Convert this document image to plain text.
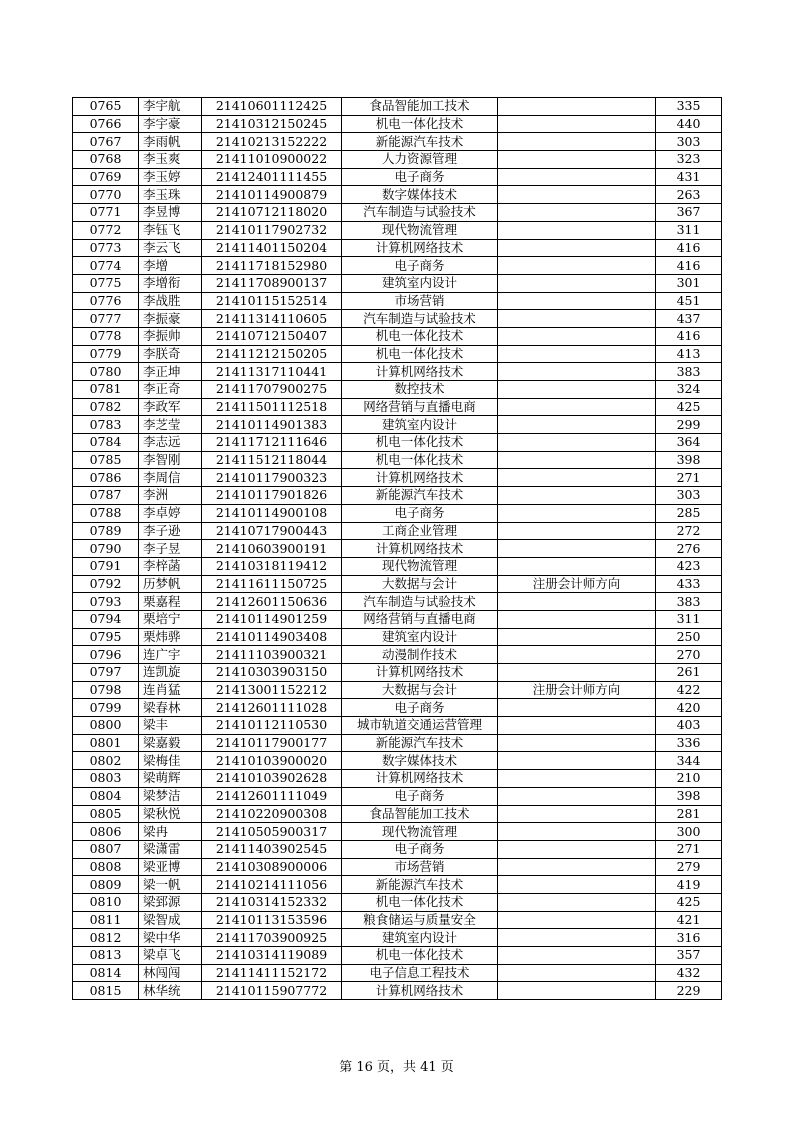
0765	李宇航	21410601112425	食品智能加工技术		335
0766	李宇豪	21410312150245	机电一体化技术		440
0767	李雨帆	21410213152222	新能源汽车技术		303
0768	李玉爽	21411010900022	人力资源管理		323
0769	李玉婷	21412401111455	电子商务		431
0770	李玉珠	21410114900879	数字媒体技术		263
0771	李昱博	21410712118020	汽车制造与试验技术		367
0772	李钰飞	21410117902732	现代物流管理		311
0773	李云飞	21411401150204	计算机网络技术		416
0774	李增	21411718152980	电子商务		416
0775	李增衔	21411708900137	建筑室内设计		301
0776	李战胜	21410115152514	市场营销		451
0777	李振豪	21411314110605	汽车制造与试验技术		437
0778	李振帅	21410712150407	机电一体化技术		416
0779	李朕奇	21411212150205	机电一体化技术		413
0780	李正坤	21411317110441	计算机网络技术		383
0781	李正奇	21411707900275	数控技术		324
0782	李政军	21411501112518	网络营销与直播电商		425
0783	李芝莹	21410114901383	建筑室内设计		299
0784	李志远	21411712111646	机电一体化技术		364
0785	李智刚	21411512118044	机电一体化技术		398
0786	李周信	21410117900323	计算机网络技术		271
0787	李洲	21410117901826	新能源汽车技术		303
0788	李卓婷	21410114900108	电子商务		285
0789	李子逊	21410717900443	工商企业管理		272
0790	李子昱	21410603900191	计算机网络技术		276
0791	李梓菡	21410318119412	现代物流管理		423
0792	历梦帆	21411611150725	大数据与会计	注册会计师方向	433
0793	栗嘉程	21412601150636	汽车制造与试验技术		383
0794	栗培宁	21410114901259	网络营销与直播电商		311
0795	栗炜骅	21410114903408	建筑室内设计		250
0796	连广宇	21411103900321	动漫制作技术		270
0797	连凯旋	21410303903150	计算机网络技术		261
0798	连肖猛	21413001152212	大数据与会计	注册会计师方向	422
0799	梁春林	21412601111028	电子商务		420
0800	梁丰	21410112110530	城市轨道交通运营管理		403
0801	梁嘉毅	21410117900177	新能源汽车技术		336
0802	梁梅佳	21410103900020	数字媒体技术		344
0803	梁萌辉	21410103902628	计算机网络技术		210
0804	梁梦洁	21412601111049	电子商务		398
0805	梁秋悦	21410220900308	食品智能加工技术		281
0806	梁冉	21410505900317	现代物流管理		300
0807	梁潇雷	21411403902545	电子商务		271
0808	梁亚博	21410308900006	市场营销		279
0809	梁一帆	21410214111056	新能源汽车技术		419
0810	梁郅源	21410314152332	机电一体化技术		425
0811	梁智成	21410113153596	粮食储运与质量安全		421
0812	梁中华	21411703900925	建筑室内设计		316
0813	梁卓飞	21410314119089	机电一体化技术		357
0814	林闯闯	21411411152172	电子信息工程技术		432
0815	林华统	21410115907772	计算机网络技术		229
第 16 页，共 41 页
